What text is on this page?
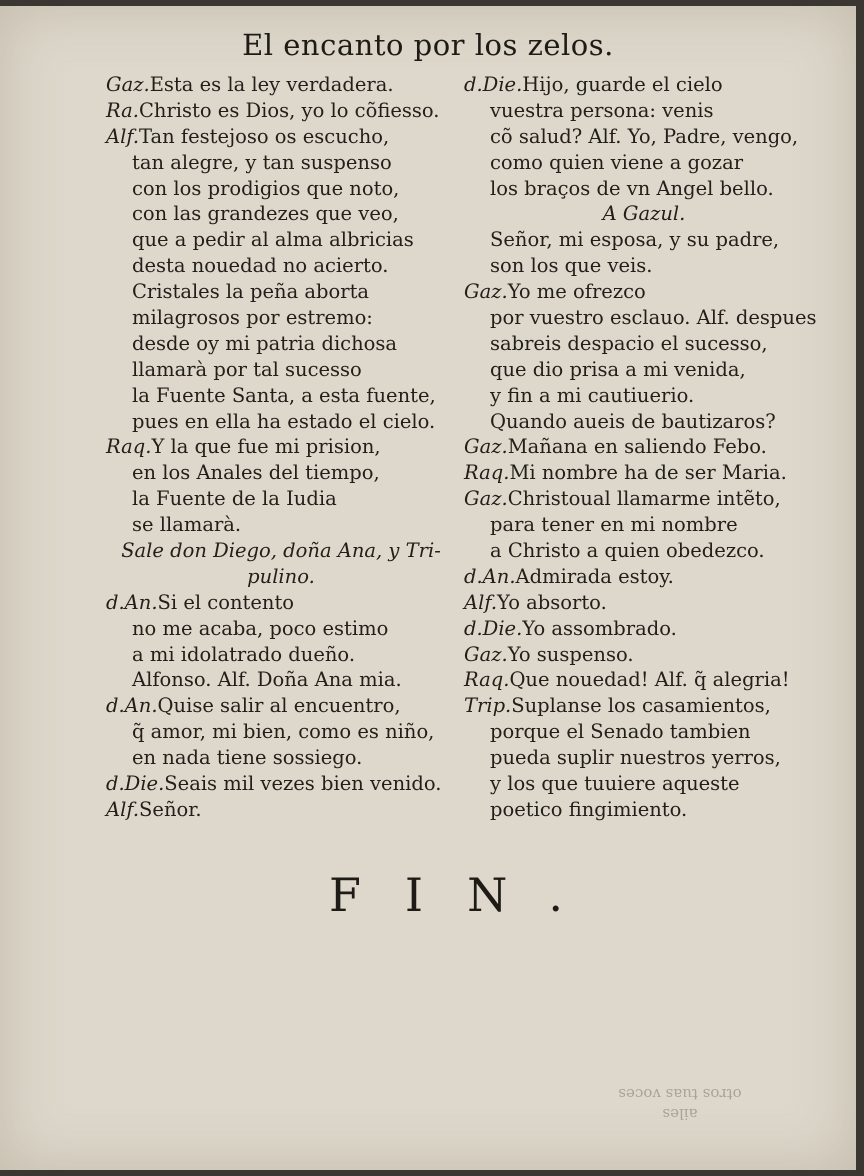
El encanto por los zelos.
Gaz.Esta es la ley verdadera.
Ra.Christo es Dios, yo lo cõfiesso.
Alf.Tan festejoso os escucho,
tan alegre, y tan suspenso
con los prodigios que noto,
con las grandezes que veo,
que a pedir al alma albricias
desta nouedad no acierto.
Cristales la peña aborta
milagrosos por estremo:
desde oy mi patria dichosa
llamarà por tal sucesso
la Fuente Santa, a esta fuente,
pues en ella ha estado el cielo.
Raq.Y la que fue mi prision,
en los Anales del tiempo,
la Fuente de la Iudia
se llamarà.
Sale don Diego, doña Ana, y Tri-
pulino.
d.An.Si el contento
no me acaba, poco estimo
a mi idolatrado dueño.
Alfonso. Alf. Doña Ana mia.
d.An.Quise salir al encuentro,
q̃ amor, mi bien, como es niño,
en nada tiene sossiego.
d.Die.Seais mil vezes bien venido.
Alf.Señor.
d.Die.Hijo, guarde el cielo
vuestra persona: venis
cõ salud? Alf. Yo, Padre, vengo,
como quien viene a gozar
los braços de vn Angel bello.
A Gazul.
Señor, mi esposa, y su padre,
son los que veis.
Gaz.Yo me ofrezco
por vuestro esclauo. Alf. despues
sabreis despacio el sucesso,
que dio prisa a mi venida,
y fin a mi cautiuerio.
Quando aueis de bautizaros?
Gaz.Mañana en saliendo Febo.
Raq.Mi nombre ha de ser Maria.
Gaz.Christoual llamarme intẽto,
para tener en mi nombre
a Christo a quien obedezco.
d.An.Admirada estoy.
Alf.Yo absorto.
d.Die.Yo assombrado.
Gaz.Yo suspenso.
Raq.Que nouedad! Alf. q̃ alegria!
Trip.Suplanse los casamientos,
porque el Senado tambien
pueda suplir nuestros yerros,
y los que tuuiere aqueste
poetico fingimiento.
FIN.
ailes
otros tuas voces
